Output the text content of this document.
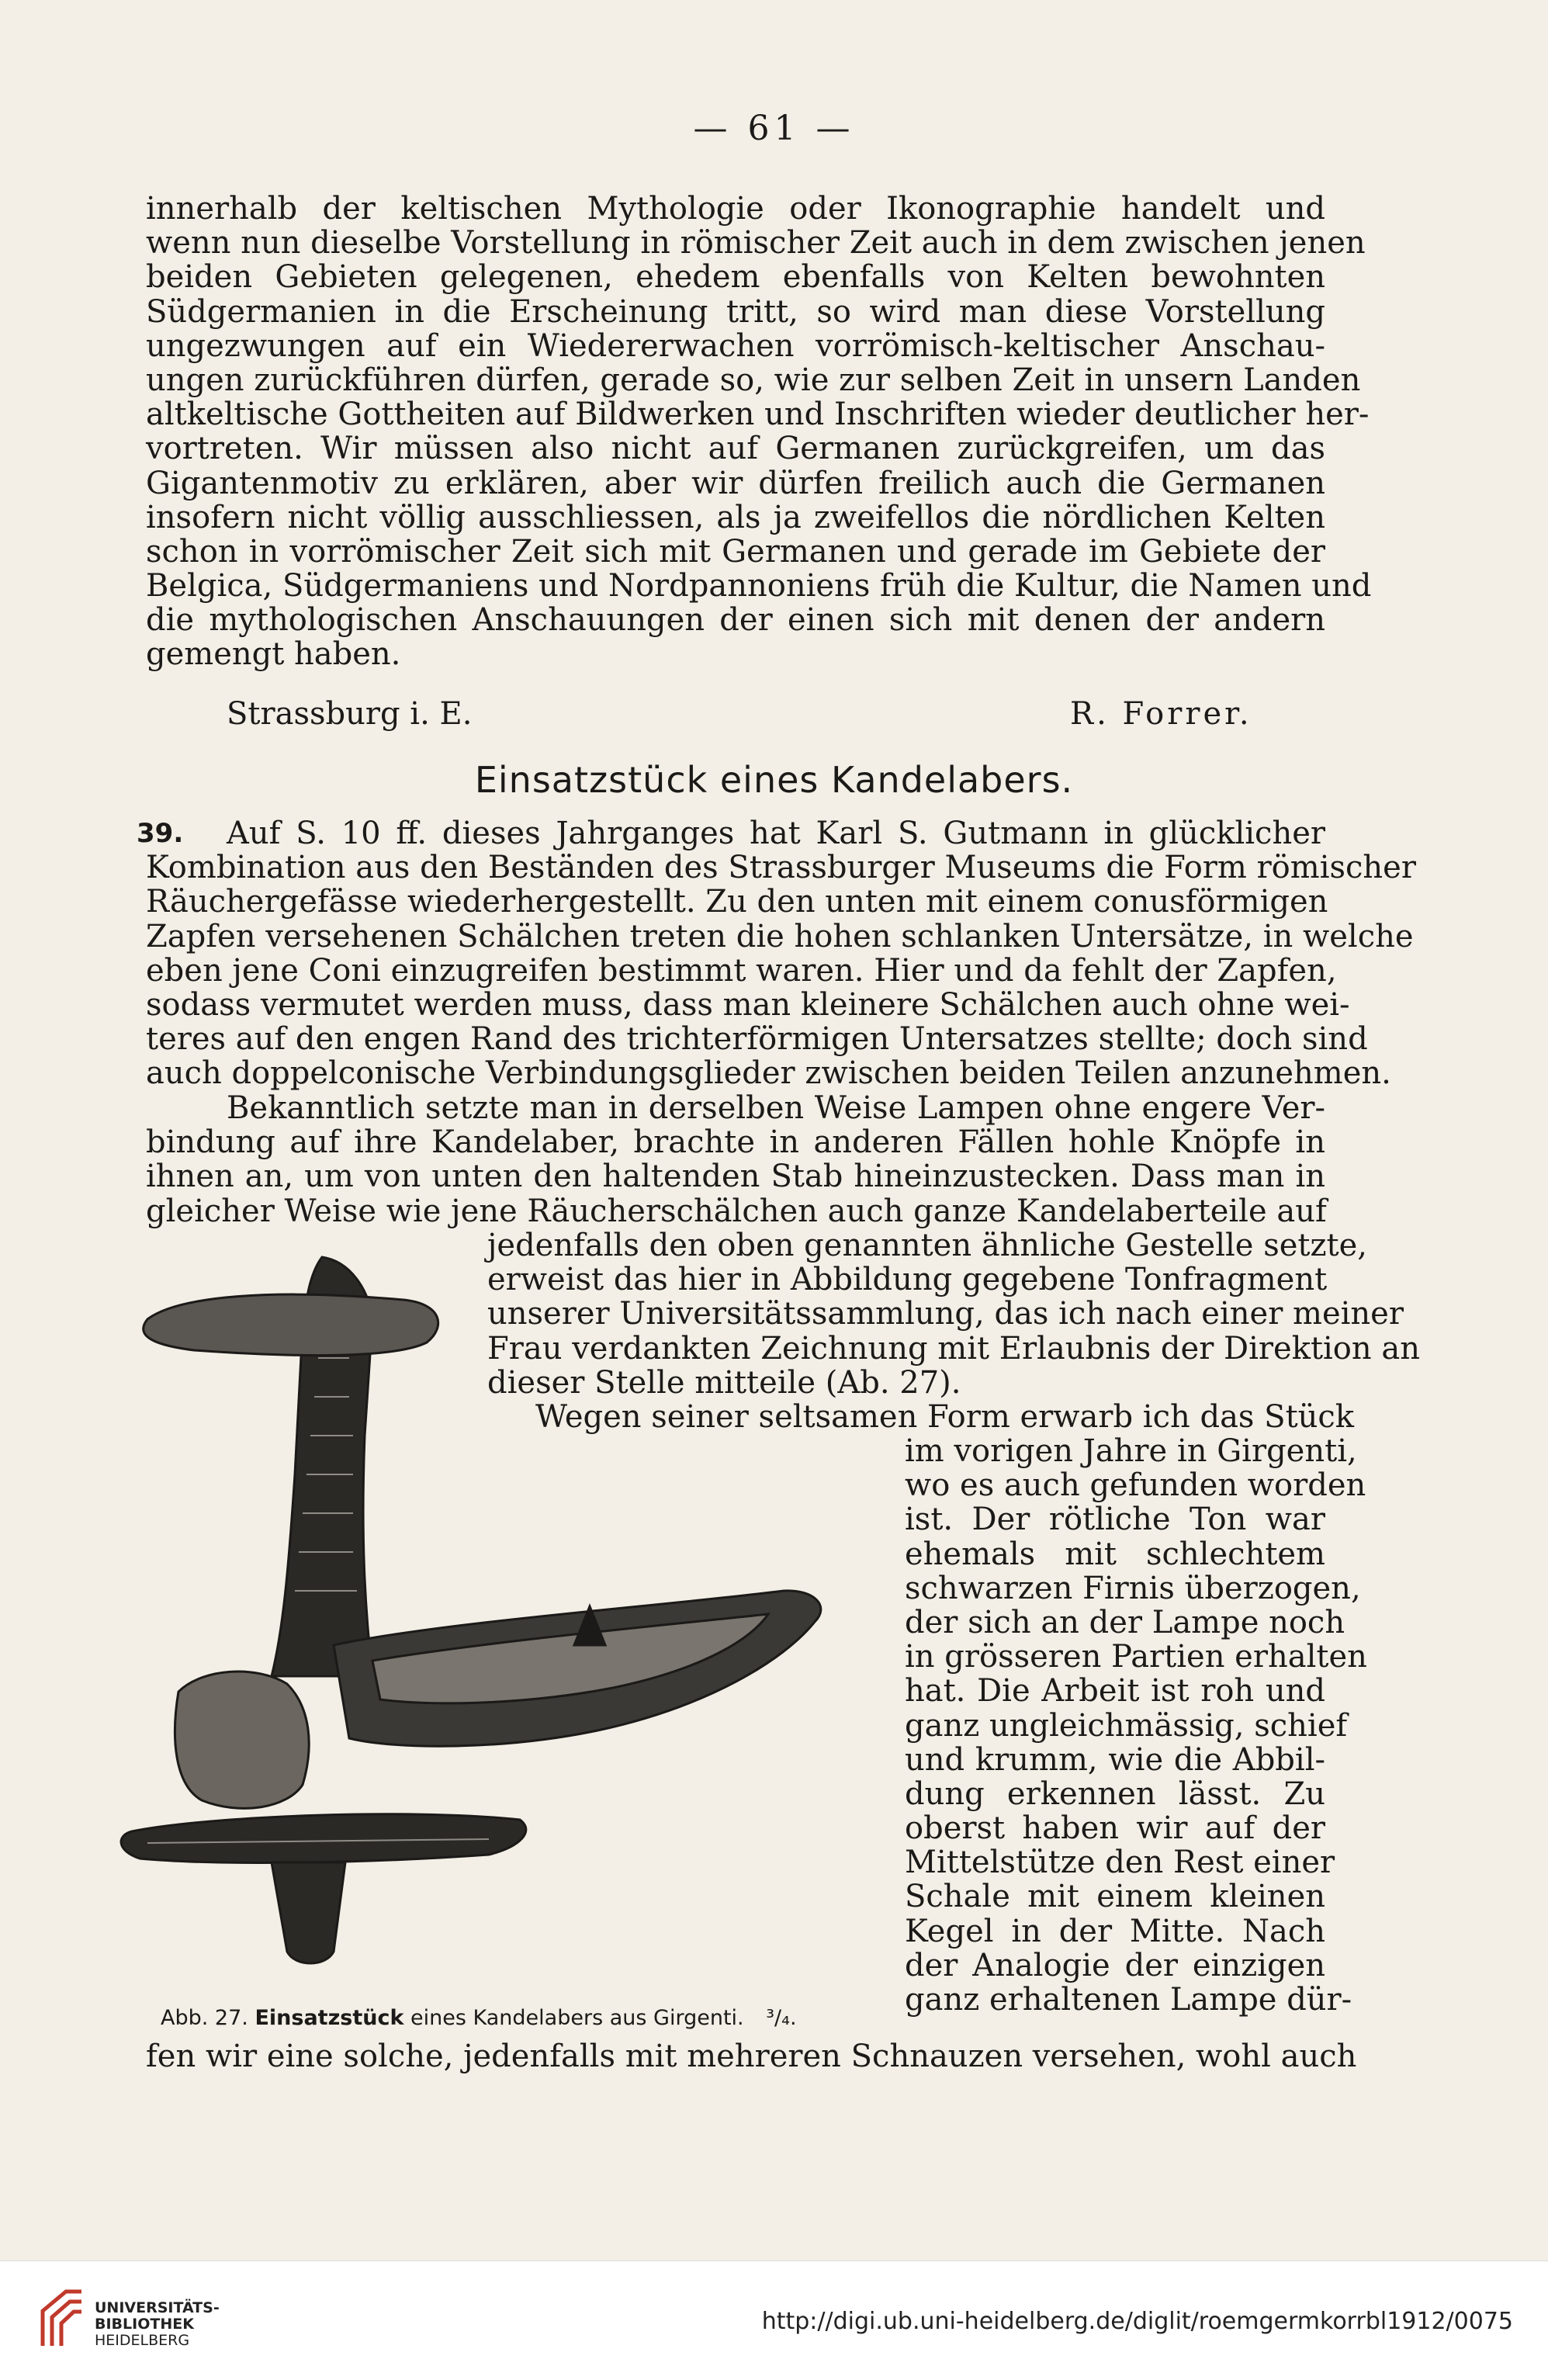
— 61 —
innerhalb der keltischen Mythologie oder Ikonographie handelt und
wenn nun dieselbe Vorstellung in römischer Zeit auch in dem zwischen jenen
beiden Gebieten gelegenen, ehedem ebenfalls von Kelten bewohnten
Südgermanien in die Erscheinung tritt, so wird man diese Vorstellung
ungezwungen auf ein Wiedererwachen vorrömisch-keltischer Anschau-
ungen zurückführen dürfen, gerade so, wie zur selben Zeit in unsern Landen
altkeltische Gottheiten auf Bildwerken und Inschriften wieder deutlicher her-
vortreten. Wir müssen also nicht auf Germanen zurückgreifen, um das
Gigantenmotiv zu erklären, aber wir dürfen freilich auch die Germanen
insofern nicht völlig ausschliessen, als ja zweifellos die nördlichen Kelten
schon in vorrömischer Zeit sich mit Germanen und gerade im Gebiete der
Belgica, Südgermaniens und Nordpannoniens früh die Kultur, die Namen und
die mythologischen Anschauungen der einen sich mit denen der andern
gemengt haben.
Strassburg i. E.	R. Forrer.
Einsatzstück eines Kandelabers.
39. Auf S. 10 ff. dieses Jahrganges hat Karl S. Gutmann in glücklicher
Kombination aus den Beständen des Strassburger Museums die Form römischer
Räuchergefässe wiederhergestellt. Zu den unten mit einem conusförmigen
Zapfen versehenen Schälchen treten die hohen schlanken Untersätze, in welche
eben jene Coni einzugreifen bestimmt waren. Hier und da fehlt der Zapfen,
sodass vermutet werden muss, dass man kleinere Schälchen auch ohne wei-
teres auf den engen Rand des trichterförmigen Untersatzes stellte; doch sind
auch doppelconische Verbindungsglieder zwischen beiden Teilen anzunehmen.
Bekanntlich setzte man in derselben Weise Lampen ohne engere Ver-
bindung auf ihre Kandelaber, brachte in anderen Fällen hohle Knöpfe in
ihnen an, um von unten den haltenden Stab hineinzustecken. Dass man in
gleicher Weise wie jene Räucherschälchen auch ganze Kandelaberteile auf
jedenfalls den oben genannten ähnliche Gestelle setzte,
erweist das hier in Abbildung gegebene Tonfragment
unserer Universitätssammlung, das ich nach einer meiner
Frau verdankten Zeichnung mit Erlaubnis der Direktion an
dieser Stelle mitteile (Ab. 27).
Wegen seiner seltsamen Form erwarb ich das Stück
im vorigen Jahre in Girgenti,
wo es auch gefunden worden
ist. Der rötliche Ton war
ehemals mit schlechtem
schwarzen Firnis überzogen,
der sich an der Lampe noch
in grösseren Partien erhalten
hat. Die Arbeit ist roh und
ganz ungleichmässig, schief
und krumm, wie die Abbil-
dung erkennen lässt. Zu
oberst haben wir auf der
Mittelstütze den Rest einer
Schale mit einem kleinen
Kegel in der Mitte. Nach
der Analogie der einzigen
ganz erhaltenen Lampe dür-
fen wir eine solche, jedenfalls mit mehreren Schnauzen versehen, wohl auch
Abb. 27. Einsatzstück eines Kandelabers aus Girgenti. ³/₄.
UNIVERSITÄTS-
BIBLIOTHEK
HEIDELBERG
http://digi.ub.uni-heidelberg.de/diglit/roemgermkorrbl1912/0075
